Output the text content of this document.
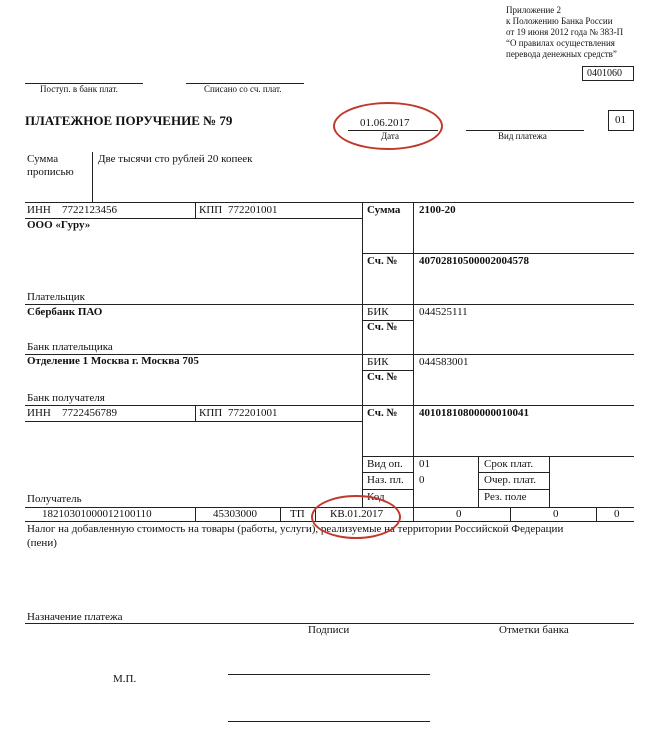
Приложение 2
к Положению Банка России
от 19 июня 2012 года № 383-П
“О правилах осуществления
перевода денежных средств”
0401060
Поступ. в банк плат.	Списано со сч. плат.
ПЛАТЕЖНОЕ ПОРУЧЕНИЕ № 79	01.06.2017
Дата	Вид платежа
01
Сумма
прописью
Две тысячи сто рублей 20 копеек
ИНН 7722123456	КПП 772201001
ООО «Гуру»
Плательщик
Сумма 2100-20
Сч. № 40702810500002004578
Сбербанк ПАО
Банк плательщика
БИК	044525111
Сч. №
Отделение 1 Москва г. Москва 705
Банк получателя
БИК	044583001
Сч. №
ИНН 7722456789	КПП 772201001	Сч. № 40101810800000010041
Получатель
Вид оп. 01
Наз. пл. 0
Код
Срок плат.
Очер. плат.
Рез. поле
18210301000012100110	45303000	ТП КВ.01.2017	0	0	0
Налог на добавленную стоимость на товары (работы, услуги), реализуемые на территории Российской Федерации
(пени)
Назначение платежа
Подписи	Отметки банка
М.П.
